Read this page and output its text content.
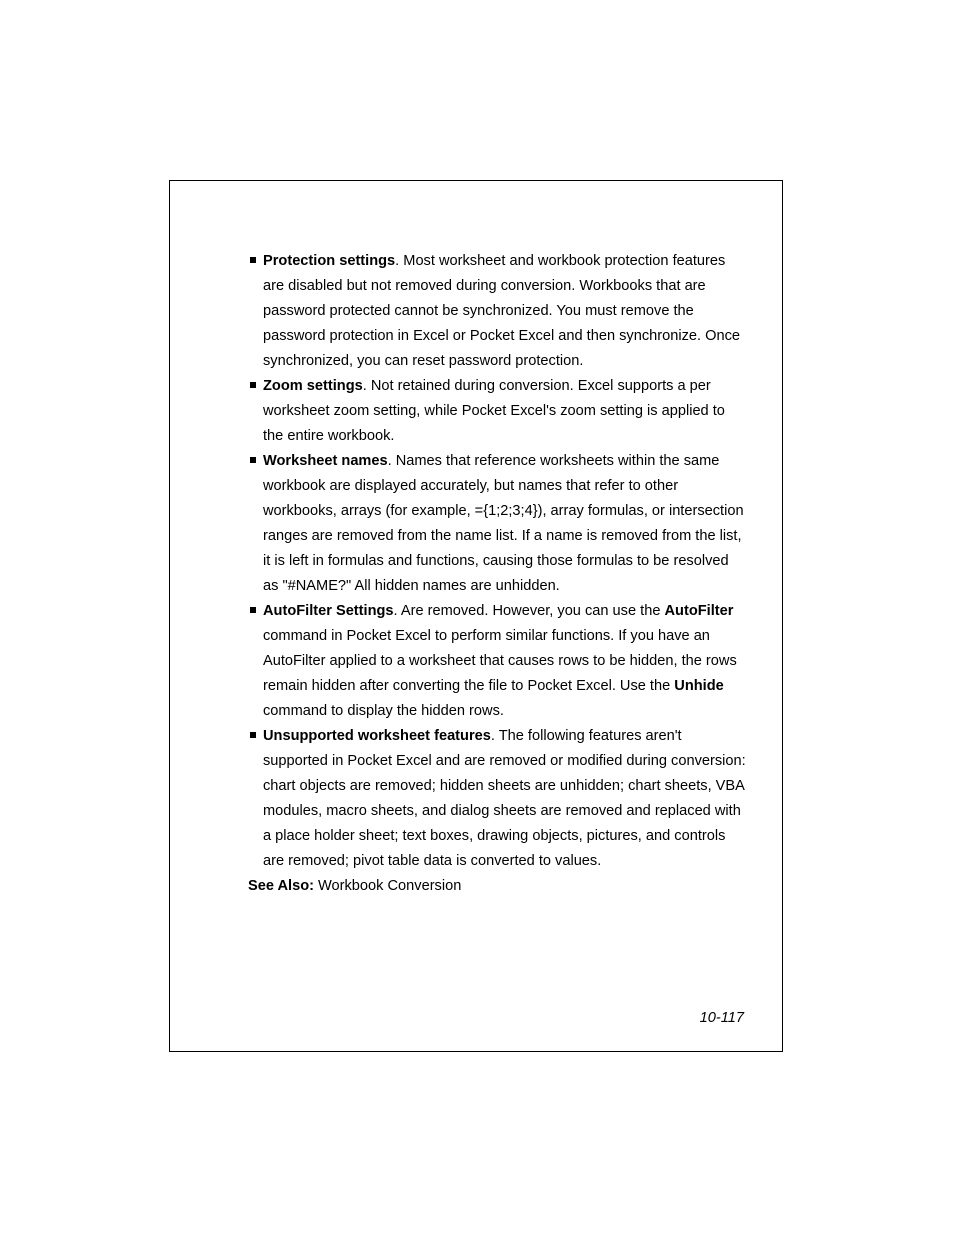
Protection settings. Most worksheet and workbook protection features are disabled but not removed during conversion. Workbooks that are password protected cannot be synchronized. You must remove the password protection in Excel or Pocket Excel and then synchronize. Once synchronized, you can reset password protection.
Zoom settings. Not retained during conversion. Excel supports a per worksheet zoom setting, while Pocket Excel's zoom setting is applied to the entire workbook.
Worksheet names. Names that reference worksheets within the same workbook are displayed accurately, but names that refer to other workbooks, arrays (for example, ={1;2;3;4}), array formulas, or intersection ranges are removed from the name list. If a name is removed from the list, it is left in formulas and functions, causing those formulas to be resolved as "#NAME?" All hidden names are unhidden.
AutoFilter Settings. Are removed. However, you can use the AutoFilter command in Pocket Excel to perform similar functions. If you have an AutoFilter applied to a worksheet that causes rows to be hidden, the rows remain hidden after converting the file to Pocket Excel. Use the Unhide command to display the hidden rows.
Unsupported worksheet features. The following features aren't supported in Pocket Excel and are removed or modified during conversion: chart objects are removed; hidden sheets are unhidden; chart sheets, VBA modules, macro sheets, and dialog sheets are removed and replaced with a place holder sheet; text boxes, drawing objects, pictures, and controls are removed; pivot table data is converted to values.

See Also: Workbook Conversion

10-117
